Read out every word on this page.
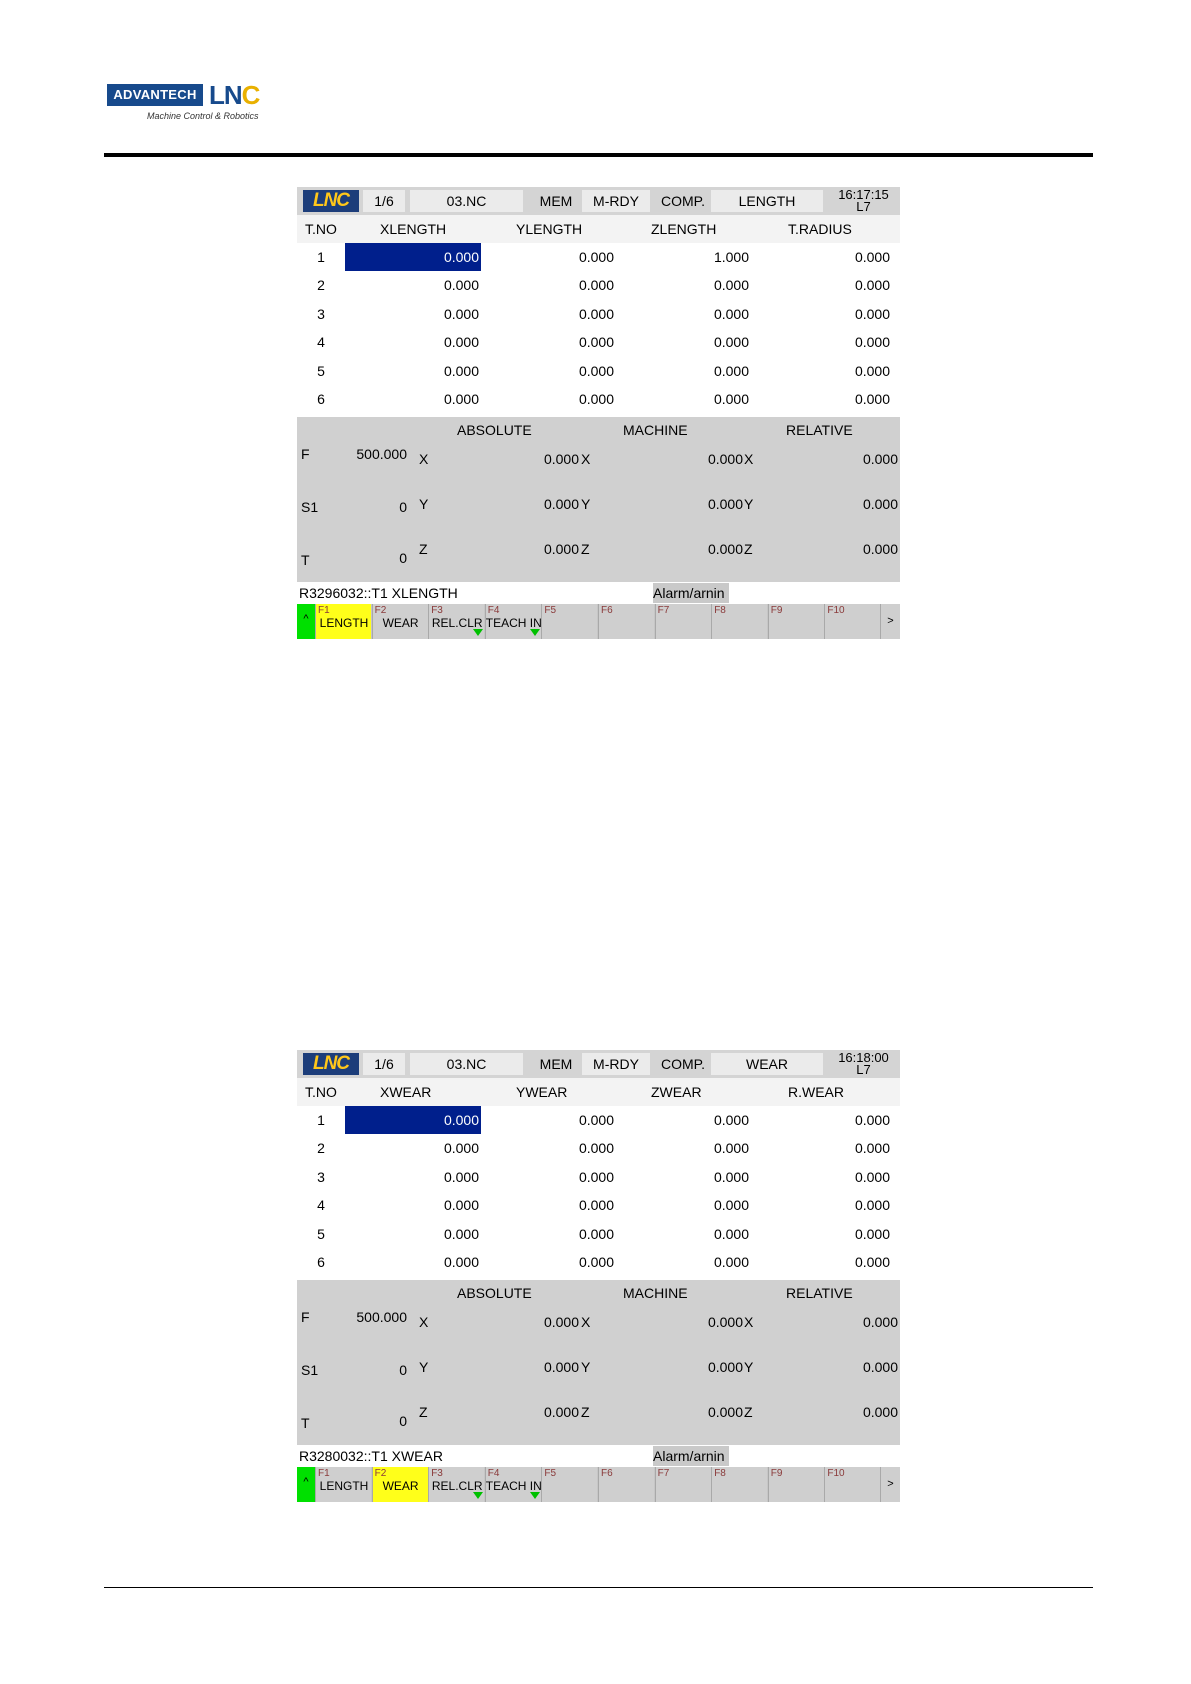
ADVANTECH LNC
Machine Control & Robotics
LNC	1/6	03.NC	MEM	M-RDY	COMP.	LENGTH	16:17:15
L7
T.NO	XLENGTH	YLENGTH	ZLENGTH	T.RADIUS
1	0.000	0.000	1.000	0.000
2	0.000	0.000	0.000	0.000
3	0.000	0.000	0.000	0.000
4	0.000	0.000	0.000	0.000
5	0.000	0.000	0.000	0.000
6	0.000	0.000	0.000	0.000
ABSOLUTE	MACHINE	RELATIVE
F	500.000
S1	0
T	0
X	0.000 X	0.000 X	0.000
Y	0.000 Y	0.000 Y	0.000
Z	0.000 Z	0.000 Z	0.000
R3296032::T1 XLENGTH	Alarm/arnin
^
F1
LENGTH
F2
WEAR
F3
REL.CLR
F4
TEACH IN
F5	F6	F7	F8	F9	F10
>
LNC	1/6	03.NC	MEM	M-RDY	COMP.	WEAR	16:18:00
L7
T.NO	XWEAR	YWEAR	ZWEAR	R.WEAR
1	0.000	0.000	0.000	0.000
2	0.000	0.000	0.000	0.000
3	0.000	0.000	0.000	0.000
4	0.000	0.000	0.000	0.000
5	0.000	0.000	0.000	0.000
6	0.000	0.000	0.000	0.000
ABSOLUTE	MACHINE	RELATIVE
F	500.000
S1	0
T	0
X	0.000 X	0.000 X	0.000
Y	0.000 Y	0.000 Y	0.000
Z	0.000 Z	0.000 Z	0.000
R3280032::T1 XWEAR	Alarm/arnin
^
F1
LENGTH
F2
WEAR
F3
REL.CLR
F4
TEACH IN
F5	F6	F7	F8	F9	F10
>
